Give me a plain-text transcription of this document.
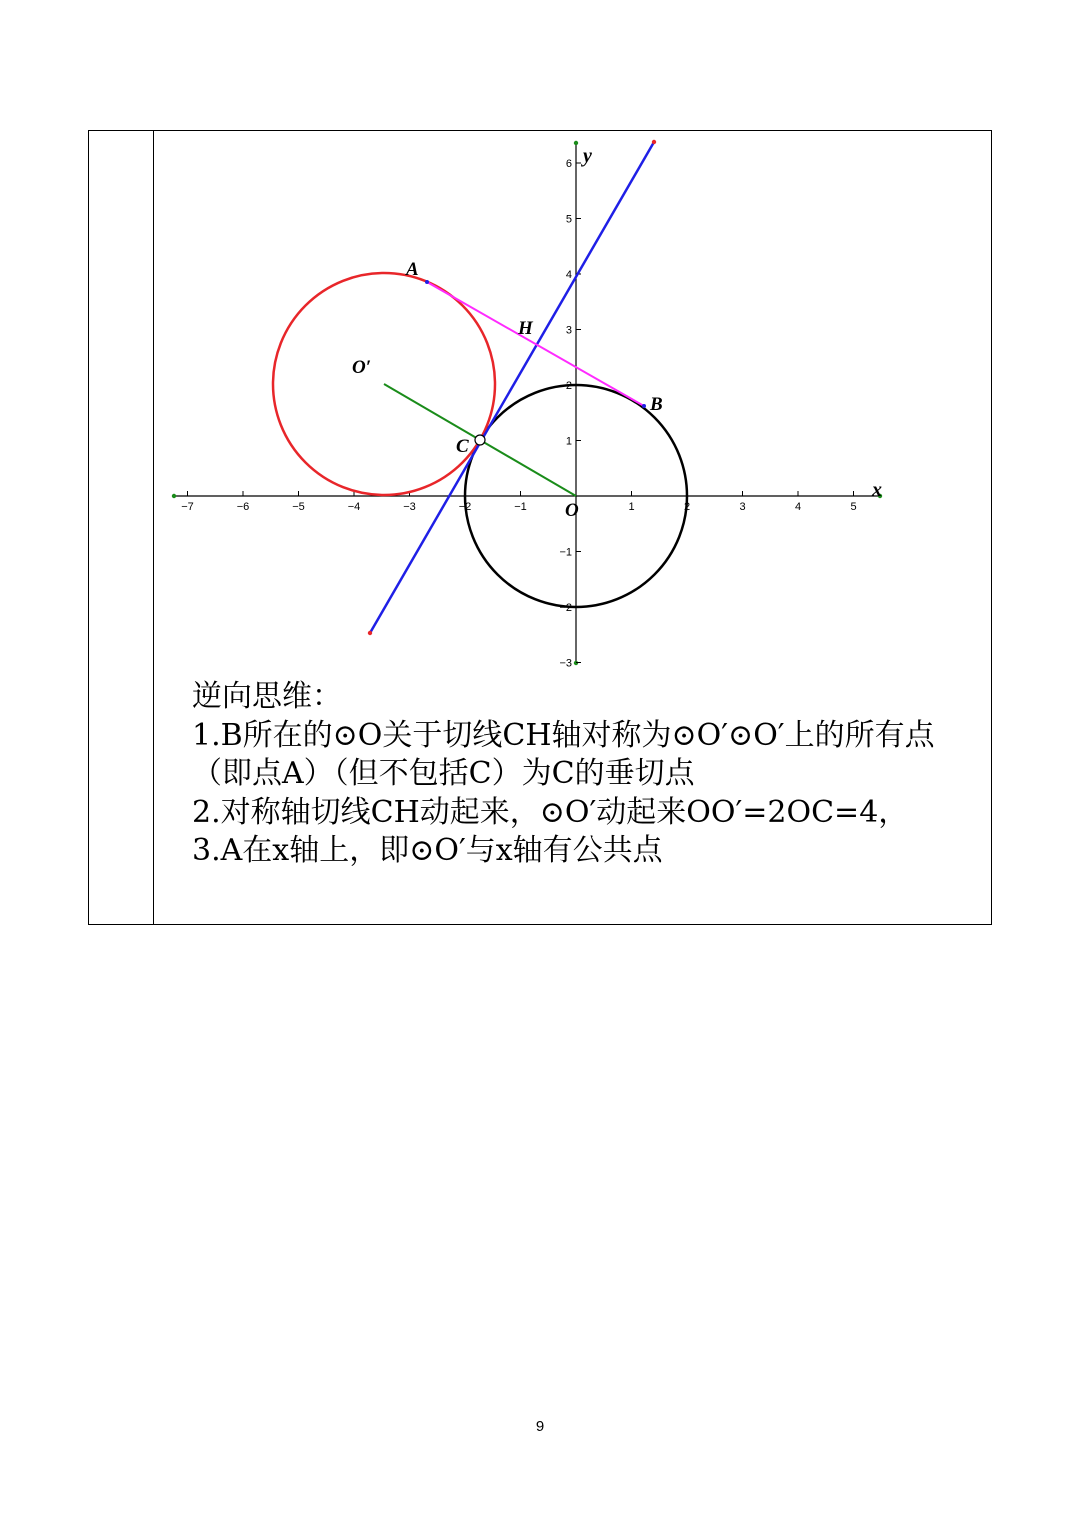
−7	−6	−5	−4	−3	−2	−1	1	2	3	4	5
6
5
4
3
2
1
−1
−2
−3
y
x
O
A
B
C
H
O′
逆向思维：
1.B所在的⊙O关于切线CH轴对称为⊙O′⊙O′上的所有点
（即点A）（但不包括C）为C的垂切点
2.对称轴切线CH动起来，⊙O′动起来OO′=2OC=4，
3.A在x轴上，即⊙O′与x轴有公共点
9
